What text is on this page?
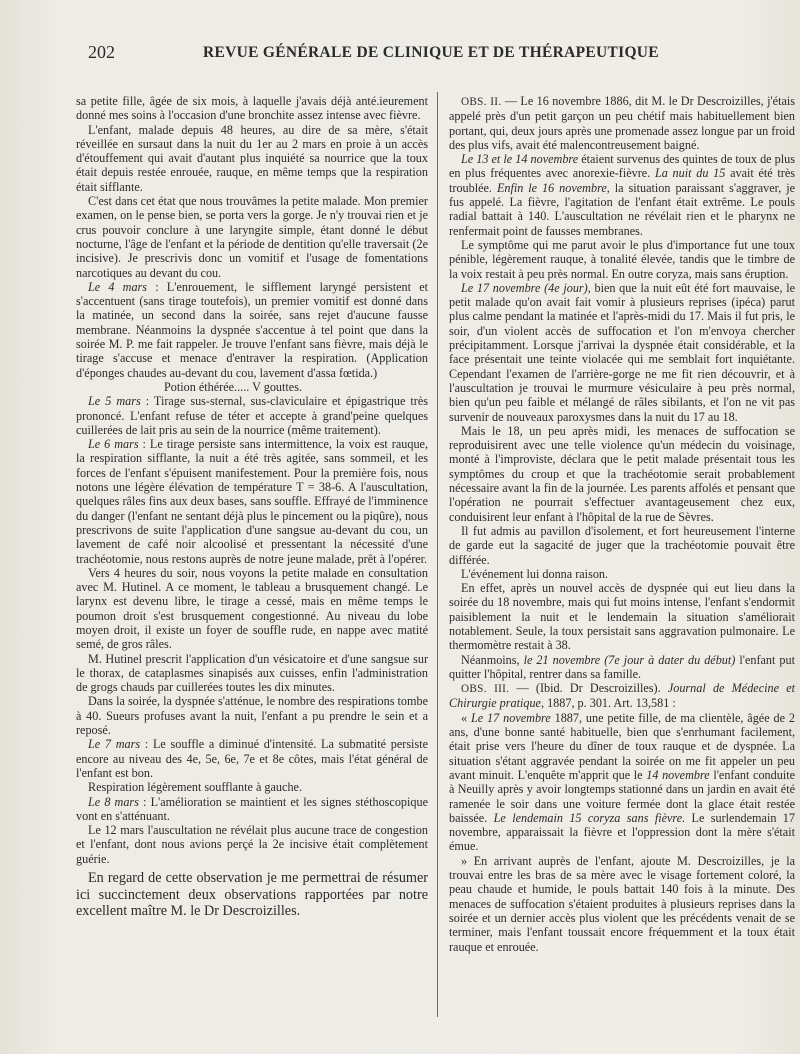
202	REVUE GÉNÉRALE DE CLINIQUE ET DE THÉRAPEUTIQUE

sa petite fille, âgée de six mois, à laquelle j'avais déjà anté.ieurement donné mes soins à l'occasion d'une bronchite assez intense avec fièvre.

L'enfant, malade depuis 48 heures, au dire de sa mère, s'était réveillée en sursaut dans la nuit du 1er au 2 mars en proie à un accès d'étouffement qui avait d'autant plus inquiété sa nourrice que la toux était depuis restée enrouée, rauque, en même temps que la respiration était sifflante.

C'est dans cet état que nous trouvâmes la petite malade. Mon premier examen, on le pense bien, se porta vers la gorge. Je n'y trouvai rien et je crus pouvoir conclure à une laryngite simple, étant donné le début nocturne, l'âge de l'enfant et la période de dentition qu'elle traversait (2e incisive). Je prescrivis donc un vomitif et l'usage de fomentations narcotiques au devant du cou.

Le 4 mars : L'enrouement, le sifflement laryngé persistent et s'accentuent (sans tirage toutefois), un premier vomitif est donné dans la matinée, un second dans la soirée, sans rejet d'aucune fausse membrane. Néanmoins la dyspnée s'accentue à tel point que dans la soirée M. P. me fait rappeler. Je trouve l'enfant sans fièvre, mais déjà le tirage s'accuse et menace d'entraver la respiration. (Application d'éponges chaudes au-devant du cou, lavement d'assa fœtida.)

Potion éthérée..... V gouttes.

Le 5 mars : Tirage sus-sternal, sus-claviculaire et épigastrique très prononcé. L'enfant refuse de téter et accepte à grand'peine quelques cuillerées de lait pris au sein de la nourrice (même traitement).

Le 6 mars : Le tirage persiste sans intermittence, la voix est rauque, la respiration sifflante, la nuit a été très agitée, sans sommeil, et les forces de l'enfant s'épuisent manifestement. Pour la première fois, nous notons une légère élévation de température T = 38-6. A l'auscultation, quelques râles fins aux deux bases, sans souffle. Effrayé de l'imminence du danger (l'enfant ne sentant déjà plus le pincement ou la piqûre), nous prescrivons de suite l'application d'une sangsue au-devant du cou, un lavement de café noir alcoolisé et pressentant la nécessité d'une trachéotomie, nous restons auprès de notre jeune malade, prêt à l'opérer.

Vers 4 heures du soir, nous voyons la petite malade en consultation avec M. Hutinel. A ce moment, le tableau a brusquement changé. Le larynx est devenu libre, le tirage a cessé, mais en même temps le poumon droit s'est brusquement congestionné. Au niveau du lobe moyen droit, il existe un foyer de souffle rude, en nappe avec matité semé, de gros râles.

M. Hutinel prescrit l'application d'un vésicatoire et d'une sangsue sur le thorax, de cataplasmes sinapisés aux cuisses, enfin l'administration de grogs chauds par cuillerées toutes les dix minutes.

Dans la soirée, la dyspnée s'atténue, le nombre des respirations tombe à 40. Sueurs profuses avant la nuit, l'enfant a pu prendre le sein et a reposé.

Le 7 mars : Le souffle a diminué d'intensité. La submatité persiste encore au niveau des 4e, 5e, 6e, 7e et 8e côtes, mais l'état général de l'enfant est bon.

Respiration légèrement soufflante à gauche.

Le 8 mars : L'amélioration se maintient et les signes stéthoscopique vont en s'atténuant.

Le 12 mars l'auscultation ne révélait plus aucune trace de congestion et l'enfant, dont nous avions perçé la 2e incisive était complètement guérie.

En regard de cette observation je me permettrai de résumer ici succinctement deux observations rapportées par notre excellent maître M. le Dr Descroizilles.

OBS. II. — Le 16 novembre 1886, dit M. le Dr Descroizilles, j'étais appelé près d'un petit garçon un peu chétif mais habituellement bien portant, qui, deux jours après une promenade assez longue par un froid des plus vifs, avait été malencontreusement baigné.

Le 13 et le 14 novembre étaient survenus des quintes de toux de plus en plus fréquentes avec anorexie-fièvre. La nuit du 15 avait été très troublée. Enfin le 16 novembre, la situation paraissant s'aggraver, je fus appelé. La fièvre, l'agitation de l'enfant était extrême. Le pouls radial battait à 140. L'auscultation ne révélait rien et le pharynx ne renfermait point de fausses membranes.

Le symptôme qui me parut avoir le plus d'importance fut une toux pénible, légèrement rauque, à tonalité élevée, tandis que le timbre de la voix restait à peu près normal. En outre coryza, mais sans éruption.

Le 17 novembre (4e jour), bien que la nuit eût été fort mauvaise, le petit malade qu'on avait fait vomir à plusieurs reprises (ipéca) parut plus calme pendant la matinée et l'après-midi du 17. Mais il fut pris, le soir, d'un violent accès de suffocation et l'on m'envoya chercher précipitamment. Lorsque j'arrivai la dyspnée était considérable, et la face présentait une teinte violacée qui me semblait fort inquiétante. Cependant l'examen de l'arrière-gorge ne me fit rien découvrir, et à l'auscultation je trouvai le murmure vésiculaire à peu près normal, bien qu'un peu faible et mélangé de râles sibilants, et l'on ne vit pas survenir de nouveaux paroxysmes dans la nuit du 17 au 18.

Mais le 18, un peu après midi, les menaces de suffocation se reproduisirent avec une telle violence qu'un médecin du voisinage, monté à l'improviste, déclara que le petit malade présentait tous les symptômes du croup et que la trachéotomie serait probablement nécessaire avant la fin de la journée. Les parents affolés et pensant que l'opération ne pourrait s'effectuer avantageusement chez eux, conduisirent leur enfant à l'hôpital de la rue de Sèvres.

Il fut admis au pavillon d'isolement, et fort heureusement l'interne de garde eut la sagacité de juger que la trachéotomie pouvait être différée.

L'événement lui donna raison.

En effet, après un nouvel accès de dyspnée qui eut lieu dans la soirée du 18 novembre, mais qui fut moins intense, l'enfant s'endormit paisiblement la nuit et le lendemain la situation s'améliorait notablement. Seule, la toux persistait sans aggravation pulmonaire. Le thermomètre restait à 38.

Néanmoins, le 21 novembre (7e jour à dater du début) l'enfant put quitter l'hôpital, rentrer dans sa famille.

OBS. III. — (Ibid. Dr Descroizilles). Journal de Médecine et Chirurgie pratique, 1887, p. 301. Art. 13,581 :

« Le 17 novembre 1887, une petite fille, de ma clientèle, âgée de 2 ans, d'une bonne santé habituelle, bien que s'enrhumant facilement, était prise vers l'heure du dîner de toux rauque et de dyspnée. La situation s'étant aggravée pendant la soirée on me fit appeler un peu avant minuit. L'enquête m'apprit que le 14 novembre l'enfant conduite à Neuilly après y avoir longtemps stationné dans un jardin en avait été ramenée le soir dans une voiture fermée dont la glace était restée baissée. Le lendemain 15 coryza sans fièvre. Le surlendemain 17 novembre, apparaissait la fièvre et l'oppression dont la mère s'était émue.

» En arrivant auprès de l'enfant, ajoute M. Descroizilles, je la trouvai entre les bras de sa mère avec le visage fortement coloré, la peau chaude et humide, le pouls battait 140 fois à la minute. Des menaces de suffocation s'étaient produites à plusieurs reprises dans la soirée et un dernier accès plus violent que les précédents venait de se terminer, mais l'enfant toussait encore fréquemment et la toux était rauque et enrouée.
